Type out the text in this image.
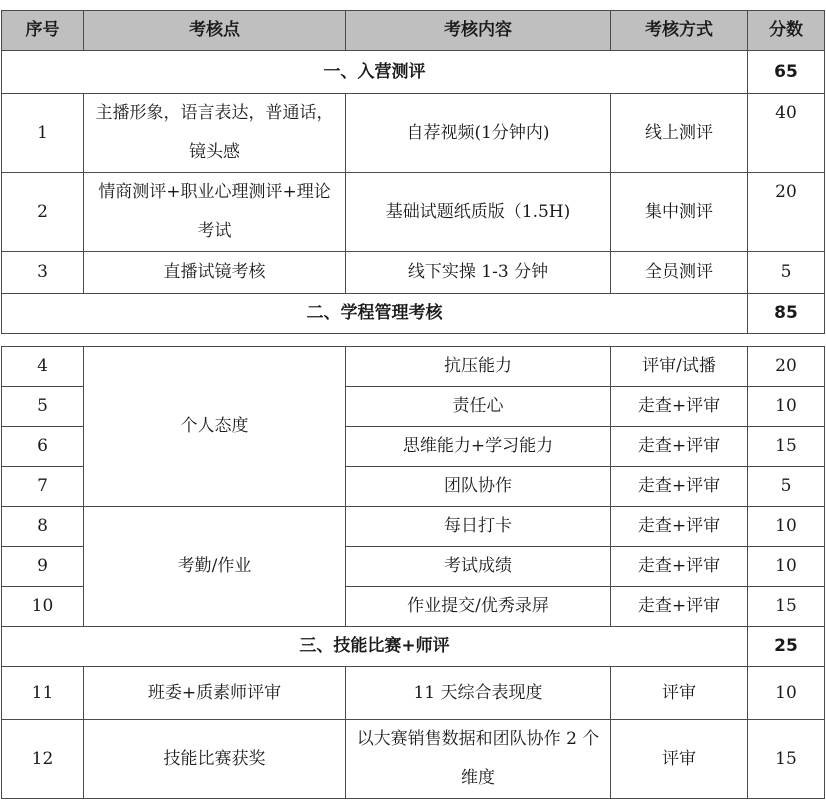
序号	考核点	考核内容	考核方式	分数
一、入营测评				65
1	主播形象，语言表达，普通话，镜头感	自荐视频(1分钟内)	线上测评	40
2	情商测评+职业心理测评+理论考试	基础试题纸质版（1.5H)	集中测评	20
3	直播试镜考核	线下实操 1-3 分钟	全员测评	5
二、学程管理考核				85
4	个人态度	抗压能力	评审/试播	20
5		责任心	走查+评审	10
6		思维能力+学习能力	走查+评审	15
7		团队协作	走查+评审	5
8	考勤/作业	每日打卡	走查+评审	10
9		考试成绩	走查+评审	10
10		作业提交/优秀录屏	走查+评审	15
三、技能比赛+师评				25
11	班委+质素师评审	11 天综合表现度	评审	10
12	技能比赛获奖	以大赛销售数据和团队协作 2 个维度	评审	15
